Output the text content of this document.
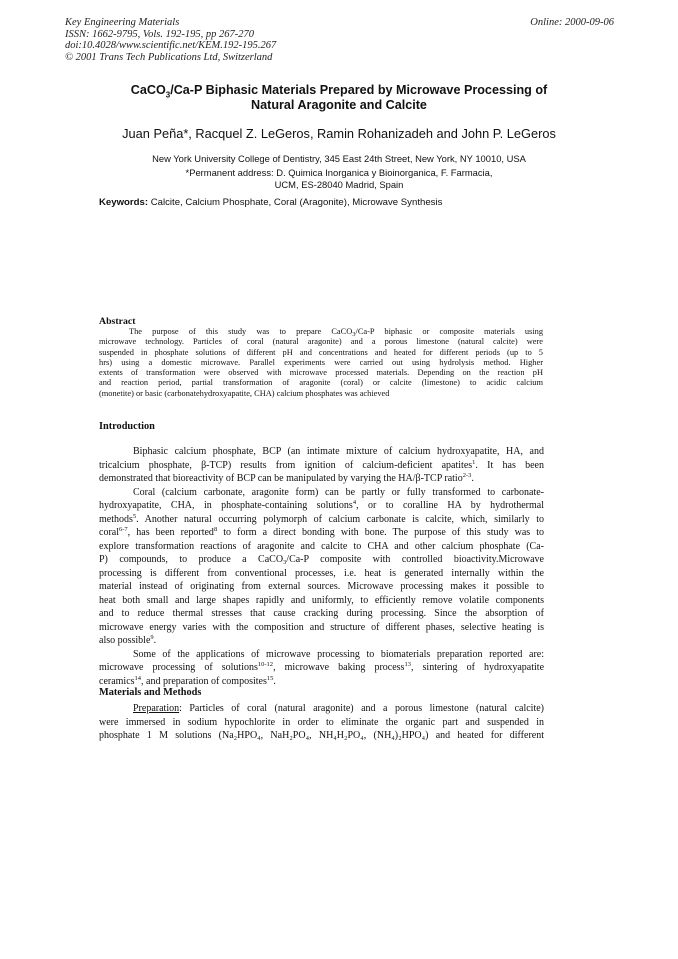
Key Engineering Materials
ISSN: 1662-9795, Vols. 192-195, pp 267-270
doi:10.4028/www.scientific.net/KEM.192-195.267
© 2001 Trans Tech Publications Ltd, Switzerland
Online: 2000-09-06
CaCO$_3$/Ca-P Biphasic Materials Prepared by Microwave Processing of
Natural Aragonite and Calcite
Juan Peña*, Racquel Z. LeGeros, Ramin Rohanizadeh and John P. LeGeros
New York University College of Dentistry, 345 East 24th Street, New York, NY 10010, USA
*Permanent address: D. Quimica Inorganica y Bioinorganica, F. Farmacia,
UCM, ES-28040 Madrid, Spain
Keywords: Calcite, Calcium Phosphate, Coral (Aragonite), Microwave Synthesis
Abstract
The purpose of this study was to prepare CaCO$_3$/Ca-P biphasic or composite materials using
microwave technology. Particles of coral (natural aragonite) and a porous limestone (natural calcite) were
suspended in phosphate solutions of different pH and concentrations and heated for different periods (up to 5
hrs) using a domestic microwave. Parallel experiments were carried out using hydrolysis method. Higher
extents of transformation were observed with microwave processed materials. Depending on the reaction pH
and reaction period, partial transformation of aragonite (coral) or calcite (limestone) to acidic calcium
(monetite) or basic (carbonatehydroxyapatite, CHA) calcium phosphates was achieved
Introduction
Biphasic calcium phosphate, BCP (an intimate mixture of calcium hydroxyapatite, HA, and
tricalcium phosphate, β-TCP) results from ignition of calcium-deficient apatites$^1$. It has been
demonstrated that bioreactivity of BCP can be manipulated by varying the HA/β-TCP ratio$^{2-3}$.
Coral (calcium carbonate, aragonite form) can be partly or fully transformed to carbonate-
hydroxyapatite, CHA, in phosphate-containing solutions$^4$, or to coralline HA by hydrothermal
methods$^5$. Another natural occurring polymorph of calcium carbonate is calcite, which, similarly to
coral$^{6-7}$, has been reported$^8$ to form a direct bonding with bone. The purpose of this study was to
explore transformation reactions of aragonite and calcite to CHA and other calcium phosphate (Ca-
P) compounds, to produce a CaCO$_3$/Ca-P composite with controlled bioactivity.Microwave
processing is different from conventional processes, i.e. heat is generated internally within the
material instead of originating from external sources. Microwave processing makes it possible to
heat both small and large shapes rapidly and uniformly, to efficiently remove volatile components
and to reduce thermal stresses that cause cracking during processing. Since the absorption of
microwave energy varies with the composition and structure of different phases, selective heating is
also possible$^9$.
Some of the applications of microwave processing to biomaterials preparation reported are:
microwave processing of solutions$^{10-12}$, microwave baking process$^{13}$, sintering of hydroxyapatite
ceramics$^{14}$, and preparation of composites$^{15}$.
Materials and Methods
Preparation: Particles of coral (natural aragonite) and a porous limestone (natural calcite)
were immersed in sodium hypochlorite in order to eliminate the organic part and suspended in
phosphate 1 M solutions (Na₂HPO₄, NaH₂PO₄, NH₄H₂PO₄, (NH₄)₂HPO₄) and heated for different
